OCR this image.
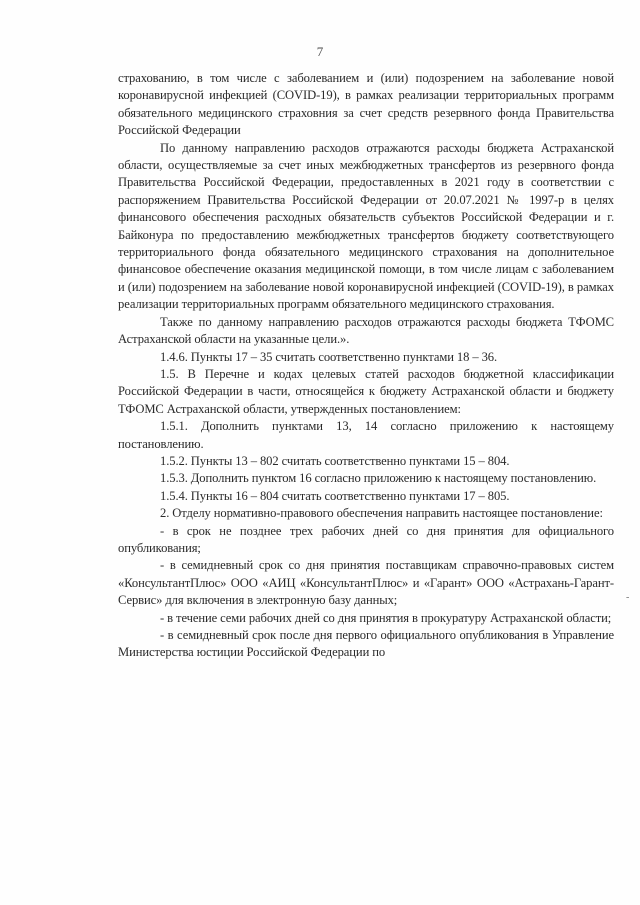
7

страхованию, в том числе с заболеванием и (или) подозрением на заболевание новой коронавирусной инфекцией (COVID-19), в рамках реализации территориальных программ обязательного медицинского страховния за счет средств резервного фонда Правительства Российской Федерации

По данному направлению расходов отражаются расходы бюджета Астраханской области, осуществляемые за счет иных межбюджетных трансфертов из резервного фонда Правительства Российской Федерации, предоставленных в 2021 году в соответствии с распоряжением Правительства Российской Федерации от 20.07.2021 № 1997-р в целях финансового обеспечения расходных обязательств субъектов Российской Федерации и г. Байконура по предоставлению межбюджетных трансфертов бюджету соответствующего территориального фонда обязательного медицинского страхования на дополнительное финансовое обеспечение оказания медицинской помощи, в том числе лицам с заболеванием и (или) подозрением на заболевание новой коронавирусной инфекцией (COVID-19), в рамках реализации территориальных программ обязательного медицинского страхования.

Также по данному направлению расходов отражаются расходы бюджета ТФОМС Астраханской области на указанные цели.».

1.4.6. Пункты 17 – 35 считать соответственно пунктами 18 – 36.

1.5. В Перечне и кодах целевых статей расходов бюджетной классификации Российской Федерации в части, относящейся к бюджету Астраханской области и бюджету ТФОМС Астраханской области, утвержденных постановлением:

1.5.1. Дополнить пунктами 13, 14 согласно приложению к настоящему постановлению.

1.5.2. Пункты 13 – 802 считать соответственно пунктами 15 – 804.

1.5.3. Дополнить пунктом 16 согласно приложению к настоящему постановлению.

1.5.4. Пункты 16 – 804 считать соответственно пунктами 17 – 805.

2. Отделу нормативно-правового обеспечения направить настоящее постановление:

- в срок не позднее трех рабочих дней со дня принятия для официального опубликования;

- в семидневный срок со дня принятия поставщикам справочно-правовых систем «КонсультантПлюс» ООО «АИЦ «КонсультантПлюс» и «Гарант» ООО «Астрахань-Гарант-Сервис» для включения в электронную базу данных;

- в течение семи рабочих дней со дня принятия в прокуратуру Астраханской области;

- в семидневный срок после дня первого официального опубликования в Управление Министерства юстиции Российской Федерации по

-
